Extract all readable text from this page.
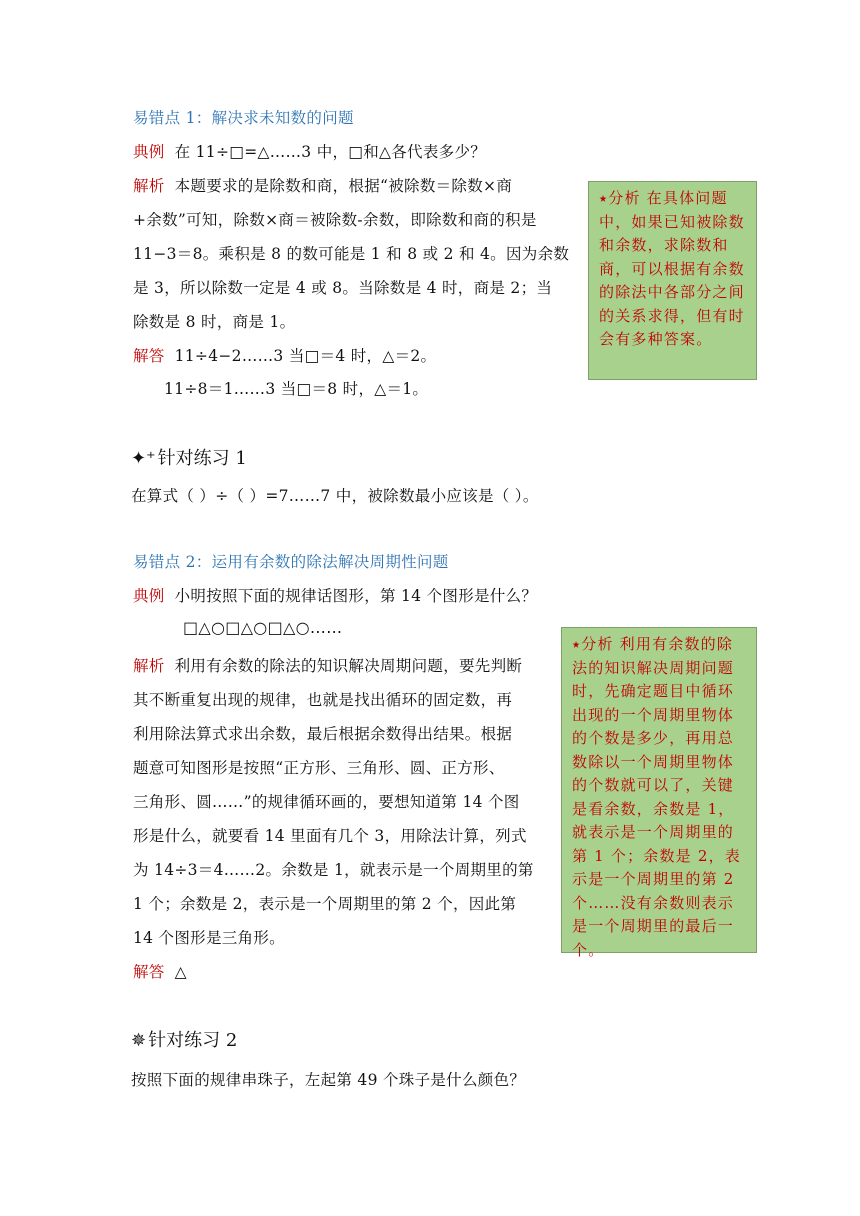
易错点 1：解决求未知数的问题
典例 在 11÷□=△……3 中，□和△各代表多少？
解析 本题要求的是除数和商，根据“被除数＝除数×商
+余数”可知，除数×商＝被除数-余数，即除数和商的积是
11−3＝8。乘积是 8 的数可能是 1 和 8 或 2 和 4。因为余数
是 3，所以除数一定是 4 或 8。当除数是 4 时，商是 2；当
除数是 8 时，商是 1。
解答 11÷4−2……3 当□＝4 时，△＝2。
11÷8＝1……3 当□＝8 时，△＝1。
⭑分析 在具体问题中，如果已知被除数和余数，求除数和商，可以根据有余数的除法中各部分之间的关系求得，但有时会有多种答案。
✦⁺ 针对练习 1
在算式（ ）÷（ ）=7……7 中，被除数最小应该是（ ）。
易错点 2：运用有余数的除法解决周期性问题
典例 小明按照下面的规律话图形，第 14 个图形是什么？
□△○□△○□△○……
解析 利用有余数的除法的知识解决周期问题，要先判断
其不断重复出现的规律，也就是找出循环的固定数，再
利用除法算式求出余数，最后根据余数得出结果。根据
题意可知图形是按照“正方形、三角形、圆、正方形、
三角形、圆……”的规律循环画的，要想知道第 14 个图
形是什么，就要看 14 里面有几个 3，用除法计算，列式
为 14÷3＝4……2。余数是 1，就表示是一个周期里的第
1 个；余数是 2，表示是一个周期里的第 2 个，因此第
14 个图形是三角形。
解答 △
⭑分析 利用有余数的除法的知识解决周期问题时，先确定题目中循环出现的一个周期里物体的个数是多少，再用总数除以一个周期里物体的个数就可以了，关键是看余数，余数是 1，就表示是一个周期里的第 1 个；余数是 2，表示是一个周期里的第 2 个……没有余数则表示是一个周期里的最后一个。
✵ 针对练习 2
按照下面的规律串珠子，左起第 49 个珠子是什么颜色？
